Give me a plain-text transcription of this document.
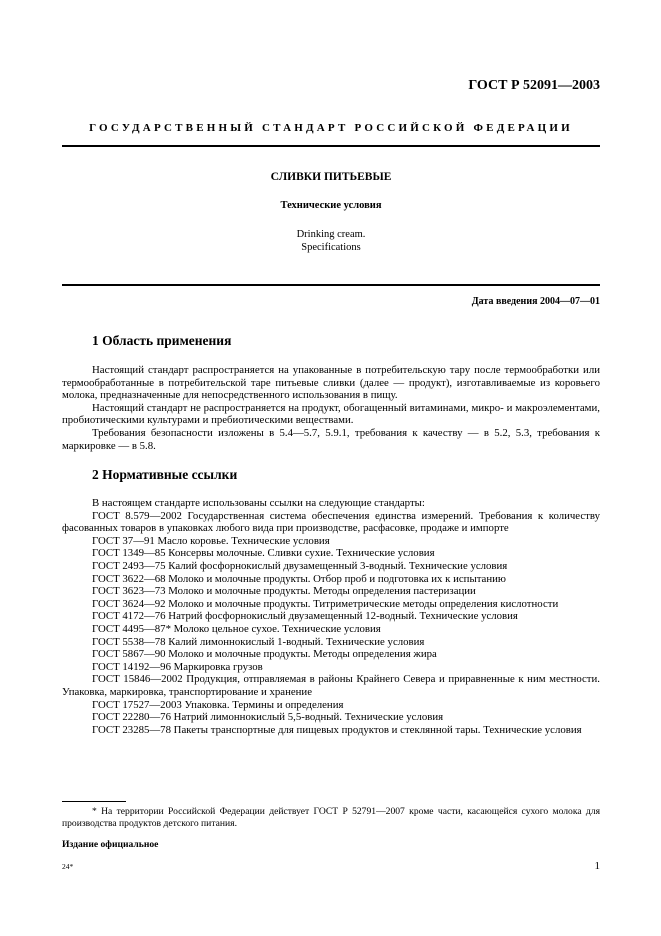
ГОСТ Р 52091—2003
ГОСУДАРСТВЕННЫЙ СТАНДАРТ РОССИЙСКОЙ ФЕДЕРАЦИИ
СЛИВКИ ПИТЬЕВЫЕ
Технические условия
Drinking cream.
Specifications
Дата введения 2004—07—01
1 Область применения

Настоящий стандарт распространяется на упакованные в потребительскую тару после термообработки или термообработанные в потребительской таре питьевые сливки (далее — продукт), изготавливаемые из коровьего молока, предназначенные для непосредственного использования в пищу.

Настоящий стандарт не распространяется на продукт, обогащенный витаминами, микро- и макроэлементами, пробиотическими культурами и пребиотическими веществами.

Требования безопасности изложены в 5.4—5.7, 5.9.1, требования к качеству — в 5.2, 5.3, требования к маркировке — в 5.8.

2 Нормативные ссылки

В настоящем стандарте использованы ссылки на следующие стандарты:

ГОСТ 8.579—2002 Государственная система обеспечения единства измерений. Требования к количеству фасованных товаров в упаковках любого вида при производстве, расфасовке, продаже и импорте

ГОСТ 37—91 Масло коровье. Технические условия

ГОСТ 1349—85 Консервы молочные. Сливки сухие. Технические условия

ГОСТ 2493—75 Калий фосфорнокислый двузамещенный 3-водный. Технические условия

ГОСТ 3622—68 Молоко и молочные продукты. Отбор проб и подготовка их к испытанию

ГОСТ 3623—73 Молоко и молочные продукты. Методы определения пастеризации

ГОСТ 3624—92 Молоко и молочные продукты. Титриметрические методы определения кислотности

ГОСТ 4172—76 Натрий фосфорнокислый двузамещенный 12-водный. Технические условия

ГОСТ 4495—87* Молоко цельное сухое. Технические условия

ГОСТ 5538—78 Калий лимоннокислый 1-водный. Технические условия

ГОСТ 5867—90 Молоко и молочные продукты. Методы определения жира

ГОСТ 14192—96 Маркировка грузов

ГОСТ 15846—2002 Продукция, отправляемая в районы Крайнего Севера и приравненные к ним местности. Упаковка, маркировка, транспортирование и хранение

ГОСТ 17527—2003 Упаковка. Термины и определения

ГОСТ 22280—76 Натрий лимоннокислый 5,5-водный. Технические условия

ГОСТ 23285—78 Пакеты транспортные для пищевых продуктов и стеклянной тары. Технические условия

* На территории Российской Федерации действует ГОСТ Р 52791—2007 кроме части, касающейся сухого молока для производства продуктов детского питания.

Издание официальное
24*	1
